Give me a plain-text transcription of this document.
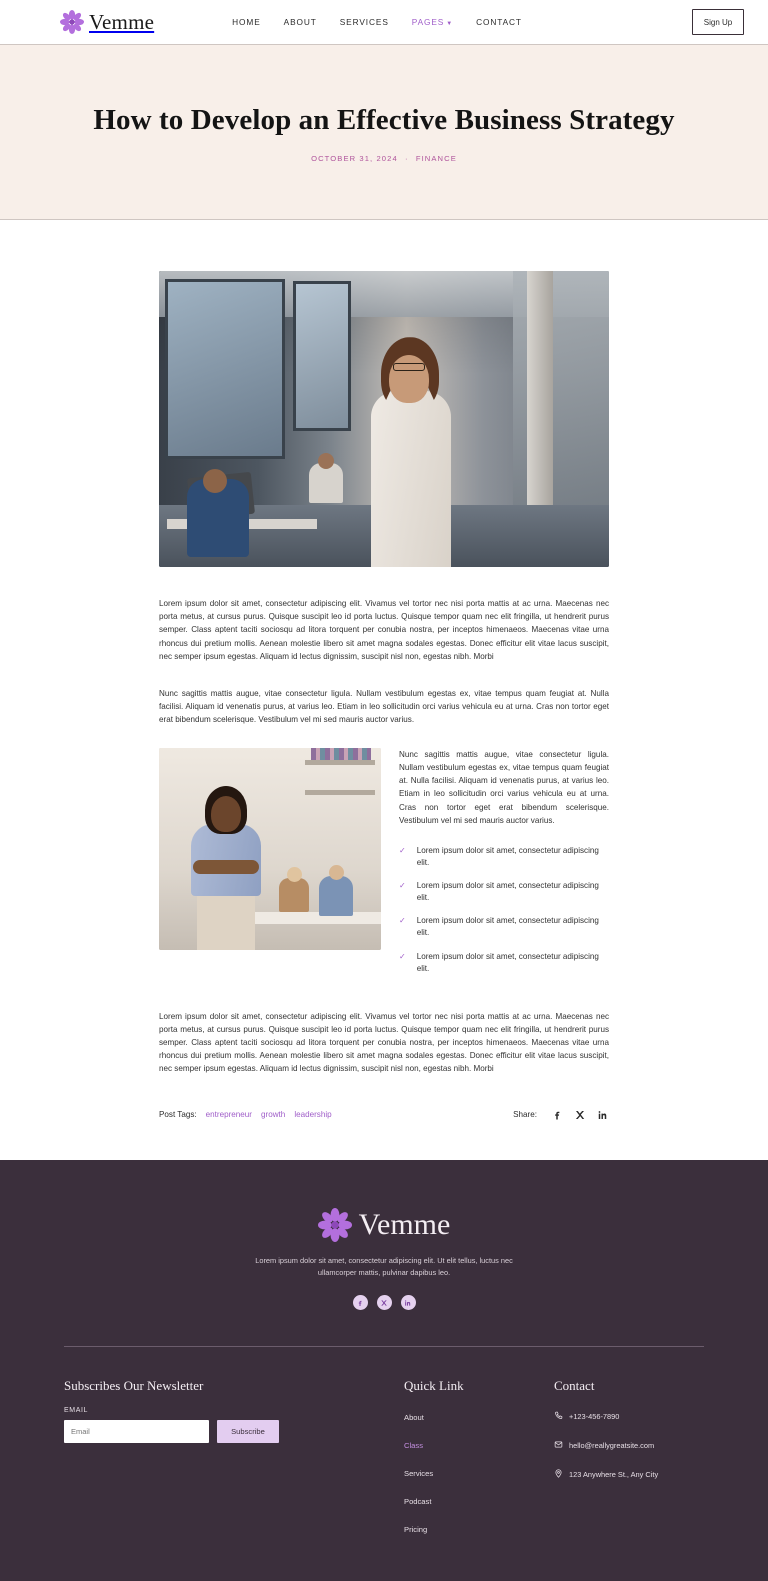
Vemme	HOME	ABOUT	SERVICES	PAGES ▼	CONTACT	Sign Up
How to Develop an Effective Business Strategy
OCTOBER 31, 2024 · FINANCE

Lorem ipsum dolor sit amet, consectetur adipiscing elit. Vivamus vel tortor nec nisi porta mattis at ac urna. Maecenas nec porta metus, at cursus purus. Quisque suscipit leo id porta luctus. Quisque tempor quam nec elit fringilla, ut hendrerit purus semper. Class aptent taciti sociosqu ad litora torquent per conubia nostra, per inceptos himenaeos. Maecenas vitae urna rhoncus dui pretium mollis. Aenean molestie libero sit amet magna sodales egestas. Donec efficitur elit vitae lacus suscipit, nec semper ipsum egestas. Aliquam id lectus dignissim, suscipit nisl non, egestas nibh. Morbi

Nunc sagittis mattis augue, vitae consectetur ligula. Nullam vestibulum egestas ex, vitae tempus quam feugiat at. Nulla facilisi. Aliquam id venenatis purus, at varius leo. Etiam in leo sollicitudin orci varius vehicula eu at urna. Cras non tortor eget erat bibendum scelerisque. Vestibulum vel mi sed mauris auctor varius.

Nunc sagittis mattis augue, vitae consectetur ligula. Nullam vestibulum egestas ex, vitae tempus quam feugiat at. Nulla facilisi. Aliquam id venenatis purus, at varius leo. Etiam in leo sollicitudin orci varius vehicula eu at urna. Cras non tortor eget erat bibendum scelerisque. Vestibulum vel mi sed mauris auctor varius.

✓ Lorem ipsum dolor sit amet, consectetur adipiscing elit.
✓ Lorem ipsum dolor sit amet, consectetur adipiscing elit.
✓ Lorem ipsum dolor sit amet, consectetur adipiscing elit.
✓ Lorem ipsum dolor sit amet, consectetur adipiscing elit.

Lorem ipsum dolor sit amet, consectetur adipiscing elit. Vivamus vel tortor nec nisi porta mattis at ac urna. Maecenas nec porta metus, at cursus purus. Quisque suscipit leo id porta luctus. Quisque tempor quam nec elit fringilla, ut hendrerit purus semper. Class aptent taciti sociosqu ad litora torquent per conubia nostra, per inceptos himenaeos. Maecenas vitae urna rhoncus dui pretium mollis. Aenean molestie libero sit amet magna sodales egestas. Donec efficitur elit vitae lacus suscipit, nec semper ipsum egestas. Aliquam id lectus dignissim, suscipit nisl non, egestas nibh. Morbi

Post Tags: entrepreneur growth leadership	Share:
Vemme

Lorem ipsum dolor sit amet, consectetur adipiscing elit. Ut elit tellus, luctus nec ullamcorper mattis, pulvinar dapibus leo.

Subscribes Our Newsletter
EMAIL
Email
Subscribe
Quick Link
About
Class
Services
Podcast
Pricing
Contact
+123-456-7890
hello@reallygreatsite.com
123 Anywhere St., Any City
